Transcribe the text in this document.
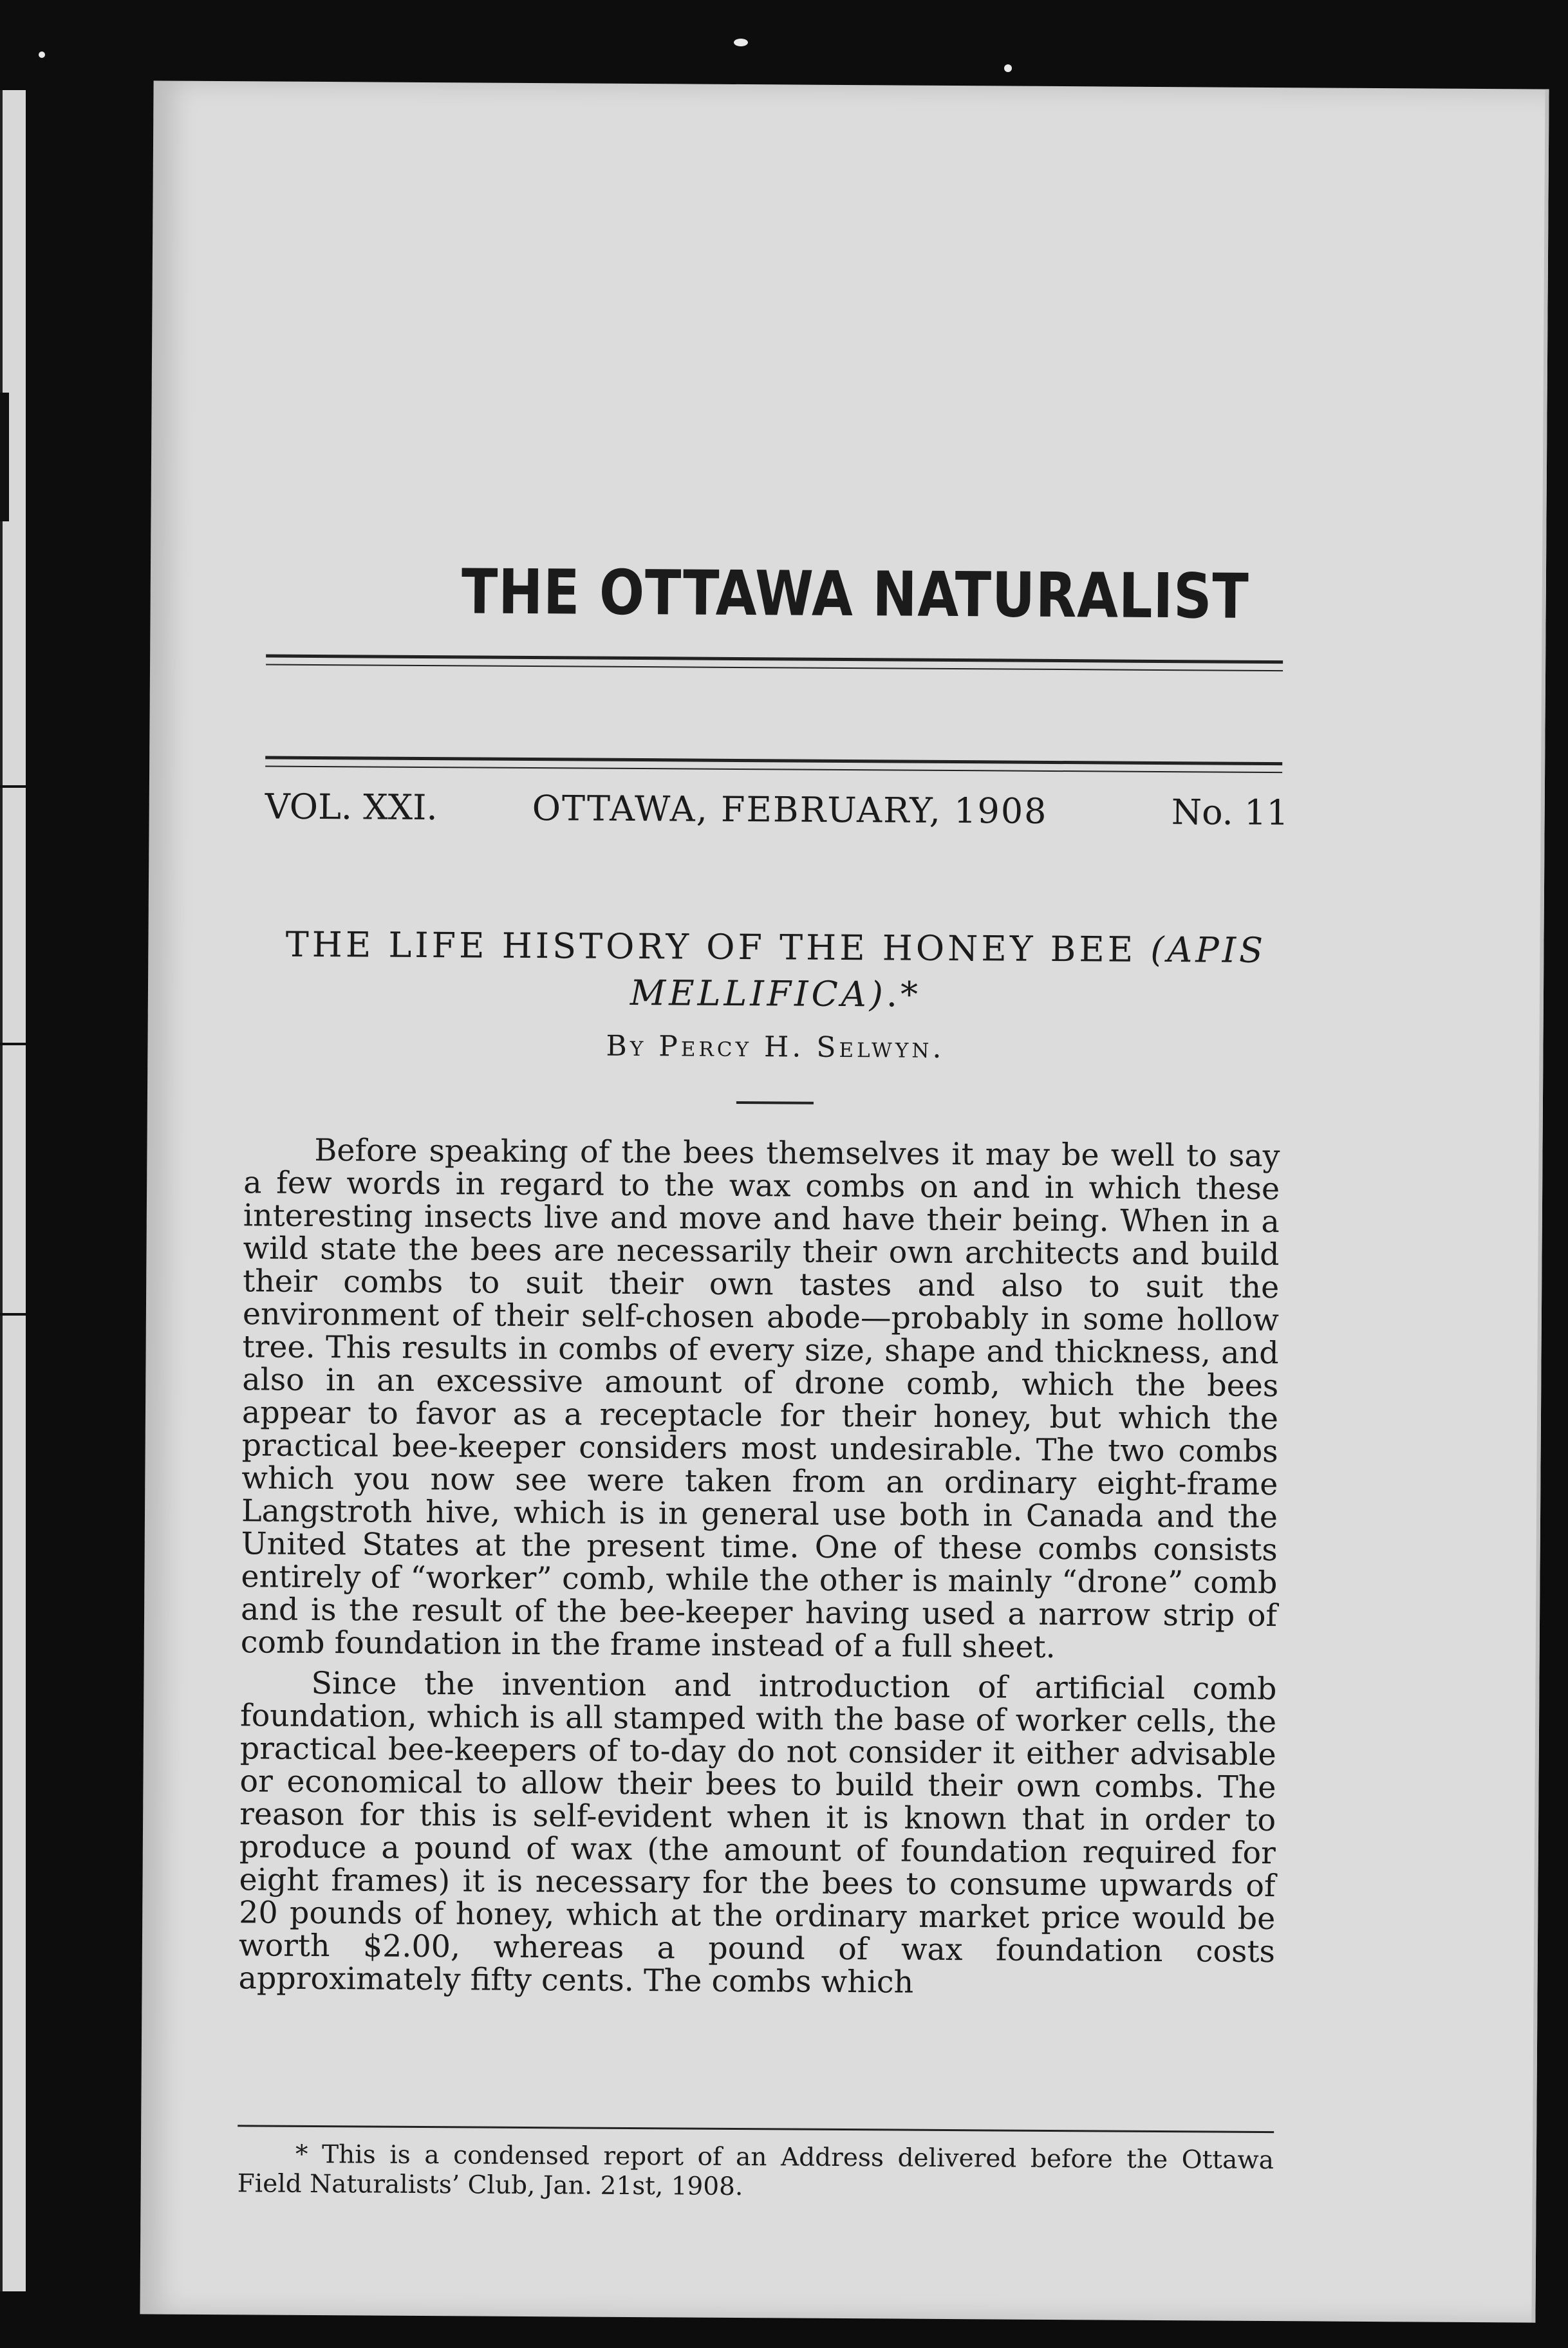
THE OTTAWA NATURALIST
VOL. XXI.	OTTAWA, FEBRUARY, 1908	No. 11
THE LIFE HISTORY OF THE HONEY BEE (APIS MELLIFICA).*
By Percy H. Selwyn.

Before speaking of the bees themselves it may be well to say a few words in regard to the wax combs on and in which these interesting insects live and move and have their being. When in a wild state the bees are necessarily their own architects and build their combs to suit their own tastes and also to suit the environment of their self-chosen abode—probably in some hollow tree. This results in combs of every size, shape and thickness, and also in an excessive amount of drone comb, which the bees appear to favor as a receptacle for their honey, but which the practical bee-keeper considers most undesirable. The two combs which you now see were taken from an ordinary eight-frame Langstroth hive, which is in general use both in Canada and the United States at the present time. One of these combs consists entirely of “worker” comb, while the other is mainly “drone” comb and is the result of the bee-keeper having used a narrow strip of comb foundation in the frame instead of a full sheet.

Since the invention and introduction of artificial comb foundation, which is all stamped with the base of worker cells, the practical bee-keepers of to-day do not consider it either advisable or economical to allow their bees to build their own combs. The reason for this is self-evident when it is known that in order to produce a pound of wax (the amount of foundation required for eight frames) it is necessary for the bees to consume upwards of 20 pounds of honey, which at the ordinary market price would be worth $2.00, whereas a pound of wax foundation costs approximately fifty cents. The combs which

* This is a condensed report of an Address delivered before the Ottawa Field Naturalists’ Club, Jan. 21st, 1908.
